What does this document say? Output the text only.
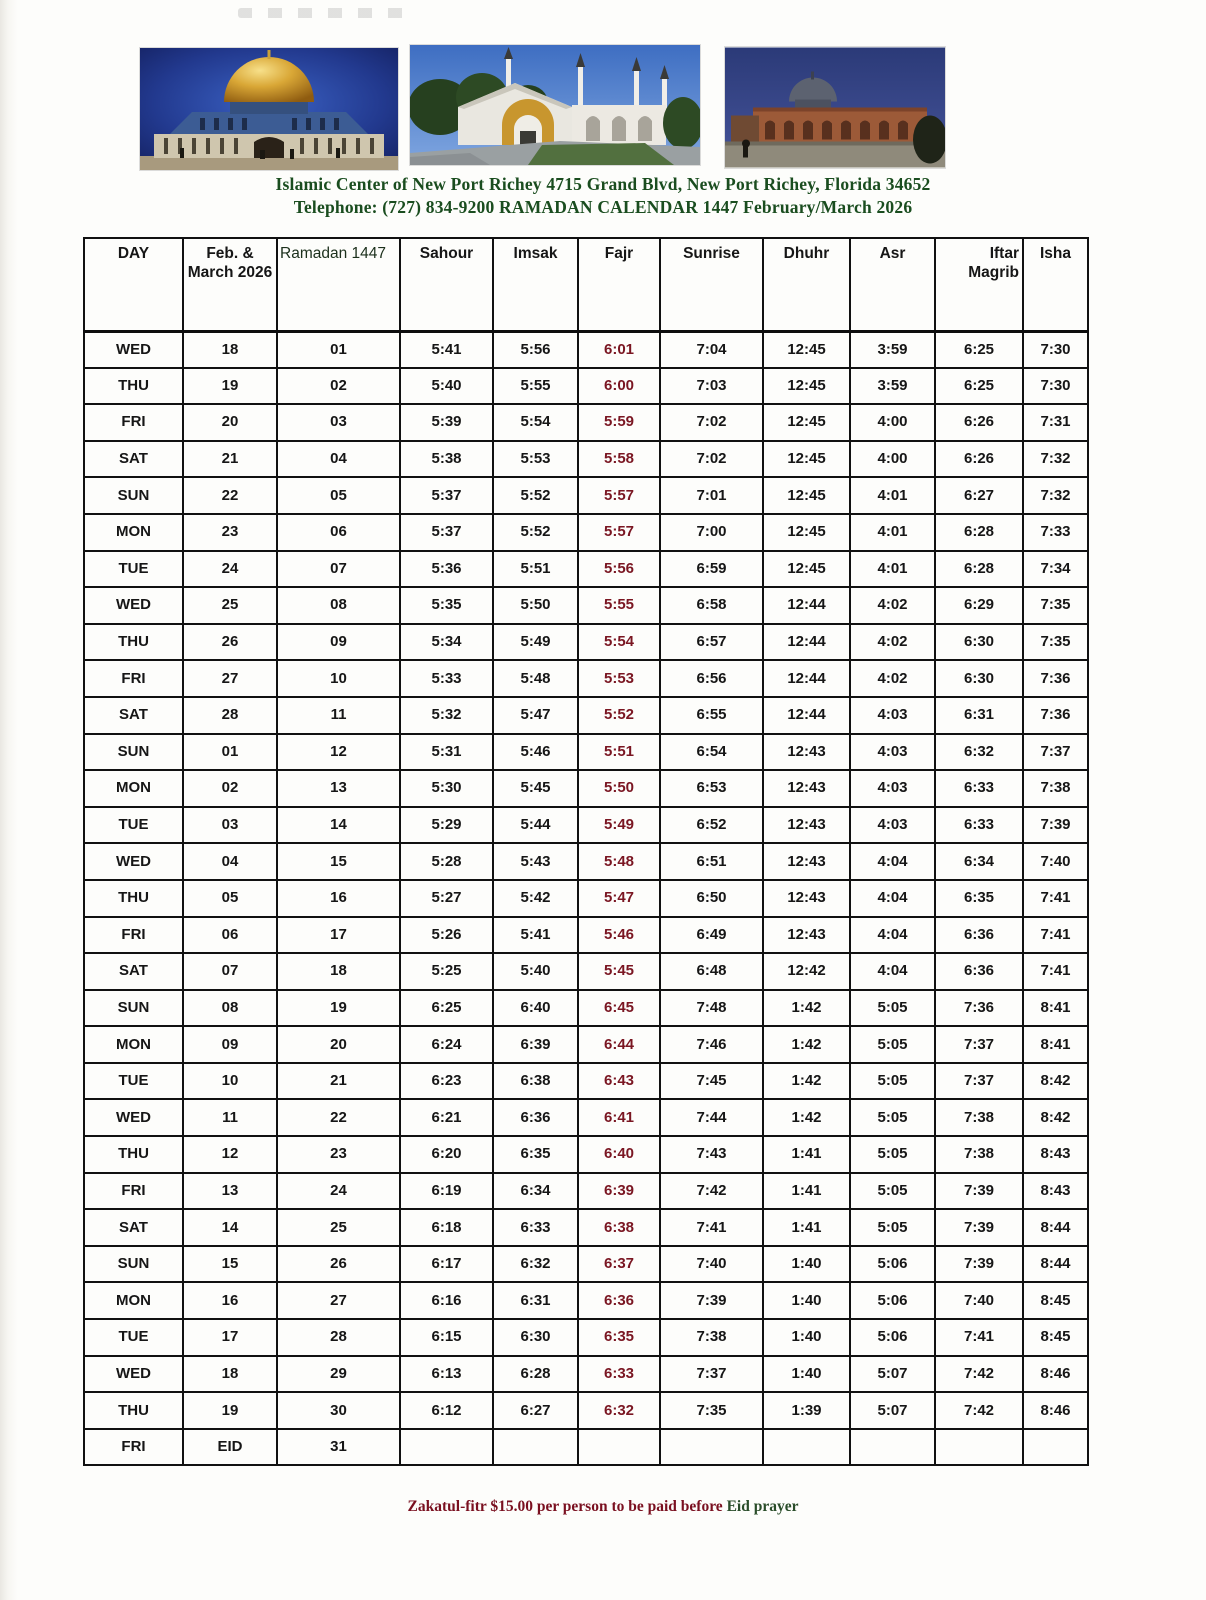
Islamic Center of New Port Richey 4715 Grand Blvd, New Port Richey, Florida 34652
Telephone: (727) 834-9200 RAMADAN CALENDAR 1447 February/March 2026
DAY	Feb. &
March 2026	Ramadan 1447	Sahour	Imsak	Fajr	Sunrise	Dhuhr	Asr	Iftar
Magrib	Isha
WED	18	01	5:41	5:56	6:01	7:04	12:45	3:59	6:25	7:30
THU	19	02	5:40	5:55	6:00	7:03	12:45	3:59	6:25	7:30
FRI	20	03	5:39	5:54	5:59	7:02	12:45	4:00	6:26	7:31
SAT	21	04	5:38	5:53	5:58	7:02	12:45	4:00	6:26	7:32
SUN	22	05	5:37	5:52	5:57	7:01	12:45	4:01	6:27	7:32
MON	23	06	5:37	5:52	5:57	7:00	12:45	4:01	6:28	7:33
TUE	24	07	5:36	5:51	5:56	6:59	12:45	4:01	6:28	7:34
WED	25	08	5:35	5:50	5:55	6:58	12:44	4:02	6:29	7:35
THU	26	09	5:34	5:49	5:54	6:57	12:44	4:02	6:30	7:35
FRI	27	10	5:33	5:48	5:53	6:56	12:44	4:02	6:30	7:36
SAT	28	11	5:32	5:47	5:52	6:55	12:44	4:03	6:31	7:36
SUN	01	12	5:31	5:46	5:51	6:54	12:43	4:03	6:32	7:37
MON	02	13	5:30	5:45	5:50	6:53	12:43	4:03	6:33	7:38
TUE	03	14	5:29	5:44	5:49	6:52	12:43	4:03	6:33	7:39
WED	04	15	5:28	5:43	5:48	6:51	12:43	4:04	6:34	7:40
THU	05	16	5:27	5:42	5:47	6:50	12:43	4:04	6:35	7:41
FRI	06	17	5:26	5:41	5:46	6:49	12:43	4:04	6:36	7:41
SAT	07	18	5:25	5:40	5:45	6:48	12:42	4:04	6:36	7:41
SUN	08	19	6:25	6:40	6:45	7:48	1:42	5:05	7:36	8:41
MON	09	20	6:24	6:39	6:44	7:46	1:42	5:05	7:37	8:41
TUE	10	21	6:23	6:38	6:43	7:45	1:42	5:05	7:37	8:42
WED	11	22	6:21	6:36	6:41	7:44	1:42	5:05	7:38	8:42
THU	12	23	6:20	6:35	6:40	7:43	1:41	5:05	7:38	8:43
FRI	13	24	6:19	6:34	6:39	7:42	1:41	5:05	7:39	8:43
SAT	14	25	6:18	6:33	6:38	7:41	1:41	5:05	7:39	8:44
SUN	15	26	6:17	6:32	6:37	7:40	1:40	5:06	7:39	8:44
MON	16	27	6:16	6:31	6:36	7:39	1:40	5:06	7:40	8:45
TUE	17	28	6:15	6:30	6:35	7:38	1:40	5:06	7:41	8:45
WED	18	29	6:13	6:28	6:33	7:37	1:40	5:07	7:42	8:46
THU	19	30	6:12	6:27	6:32	7:35	1:39	5:07	7:42	8:46
FRI	EID	31								
Zakatul-fitr $15.00 per person to be paid before Eid prayer
